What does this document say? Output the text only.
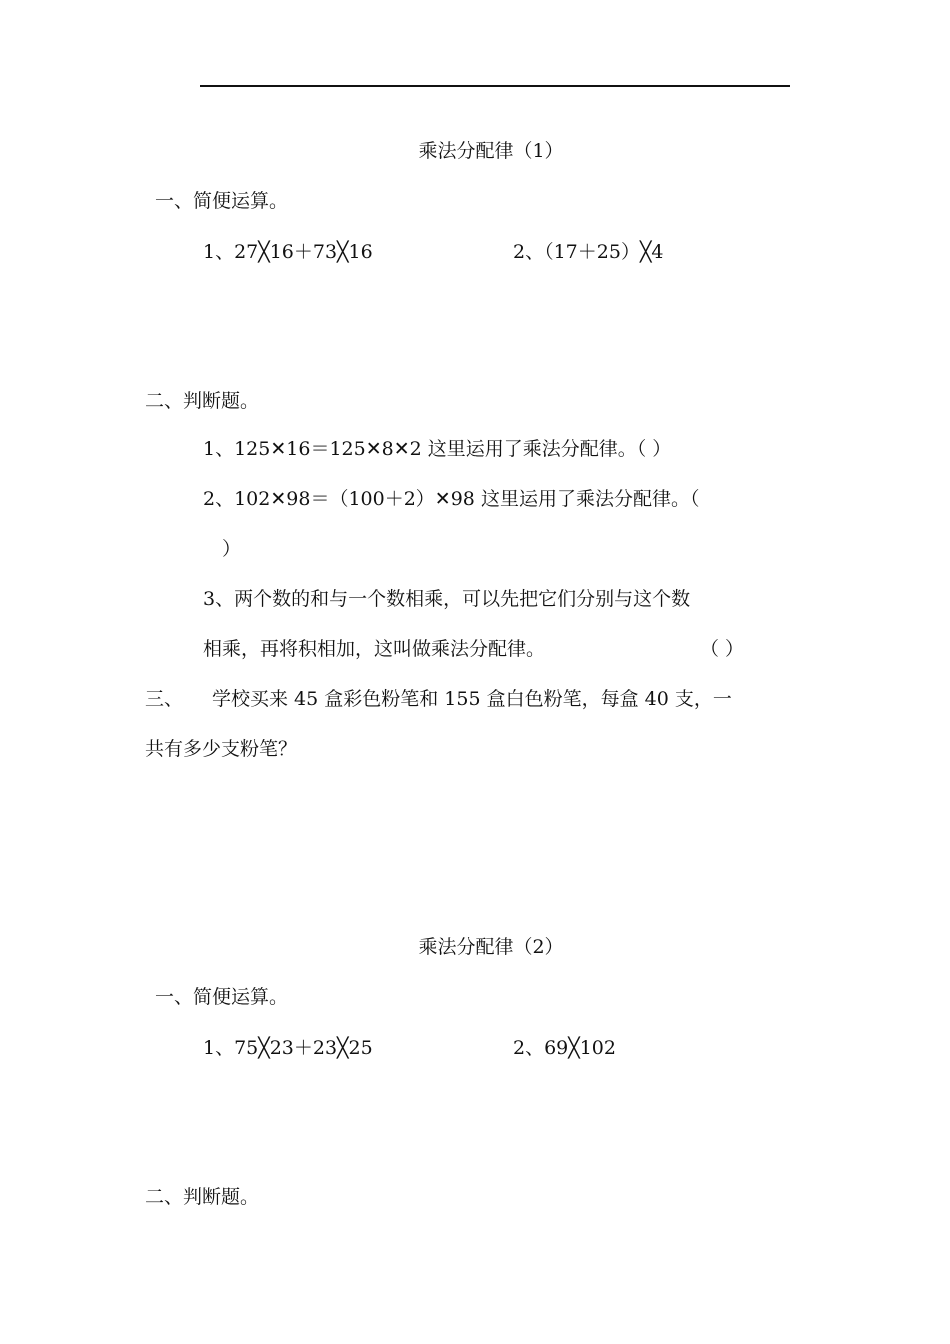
乘法分配律（1）
一、简便运算。
1、27╳16＋73╳16	2、（17＋25）╳4
二、判断题。
1、125✕16＝125✕8✕2 这里运用了乘法分配律。（ ）
2、102✕98＝（100＋2）✕98 这里运用了乘法分配律。（
）
3、两个数的和与一个数相乘，可以先把它们分别与这个数
相乘，再将积相加，这叫做乘法分配律。	（ ）
三、 学校买来 45 盒彩色粉笔和 155 盒白色粉笔，每盒 40 支，一
共有多少支粉笔？
乘法分配律（2）
一、简便运算。
1、75╳23＋23╳25	2、69╳102
二、判断题。
